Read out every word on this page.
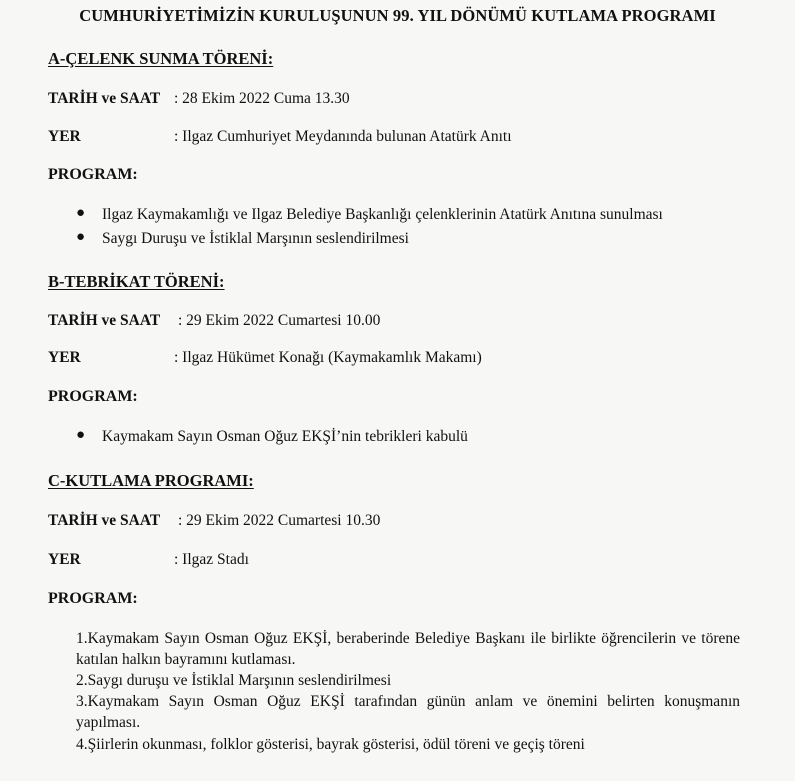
CUMHURİYETİMİZİN KURULUŞUNUN 99. YIL DÖNÜMÜ KUTLAMA PROGRAMI
A-ÇELENK SUNMA TÖRENİ:
TARİH ve SAAT : 28 Ekim 2022 Cuma 13.30
YER	: Ilgaz Cumhuriyet Meydanında bulunan Atatürk Anıtı
PROGRAM:
● Ilgaz Kaymakamlığı ve Ilgaz Belediye Başkanlığı çelenklerinin Atatürk Anıtına sunulması
● Saygı Duruşu ve İstiklal Marşının seslendirilmesi
B-TEBRİKAT TÖRENİ:
TARİH ve SAAT : 29 Ekim 2022 Cumartesi 10.00
YER	: Ilgaz Hükümet Konağı (Kaymakamlık Makamı)
PROGRAM:
● Kaymakam Sayın Osman Oğuz EKŞİ’nin tebrikleri kabulü
C-KUTLAMA PROGRAMI:
TARİH ve SAAT : 29 Ekim 2022 Cumartesi 10.30
YER	: Ilgaz Stadı
PROGRAM:
1.Kaymakam Sayın Osman Oğuz EKŞİ, beraberinde Belediye Başkanı ile birlikte öğrencilerin ve törene katılan halkın bayramını kutlaması.
2.Saygı duruşu ve İstiklal Marşının seslendirilmesi
3.Kaymakam Sayın Osman Oğuz EKŞİ tarafından günün anlam ve önemini belirten konuşmanın yapılması.
4.Şiirlerin okunması, folklor gösterisi, bayrak gösterisi, ödül töreni ve geçiş töreni
